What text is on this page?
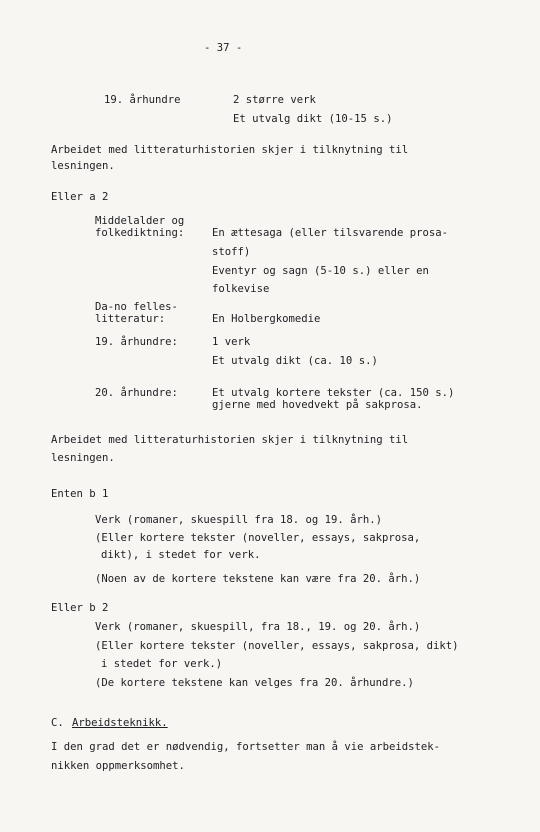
- 37 -
19. århundre	2 større verk
Et utvalg dikt (10-15 s.)
Arbeidet med litteraturhistorien skjer i tilknytning til
lesningen.
Eller a 2
Middelalder og
folkediktning:	En ættesaga (eller tilsvarende prosa-
stoff)
Eventyr og sagn (5-10 s.) eller en
folkevise
Da-no felles-
litteratur:	En Holbergkomedie
19. århundre:	1 verk
Et utvalg dikt (ca. 10 s.)
20. århundre:	Et utvalg kortere tekster (ca. 150 s.)
gjerne med hovedvekt på sakprosa.
Arbeidet med litteraturhistorien skjer i tilknytning til
lesningen.
Enten b 1
Verk (romaner, skuespill fra 18. og 19. årh.)
(Eller kortere tekster (noveller, essays, sakprosa,
dikt), i stedet for verk.
(Noen av de kortere tekstene kan være fra 20. årh.)
Eller b 2
Verk (romaner, skuespill, fra 18., 19. og 20. årh.)
(Eller kortere tekster (noveller, essays, sakprosa, dikt)
i stedet for verk.)
(De kortere tekstene kan velges fra 20. århundre.)
C. Arbeidsteknikk.
I den grad det er nødvendig, fortsetter man å vie arbeidstek-
nikken oppmerksomhet.
